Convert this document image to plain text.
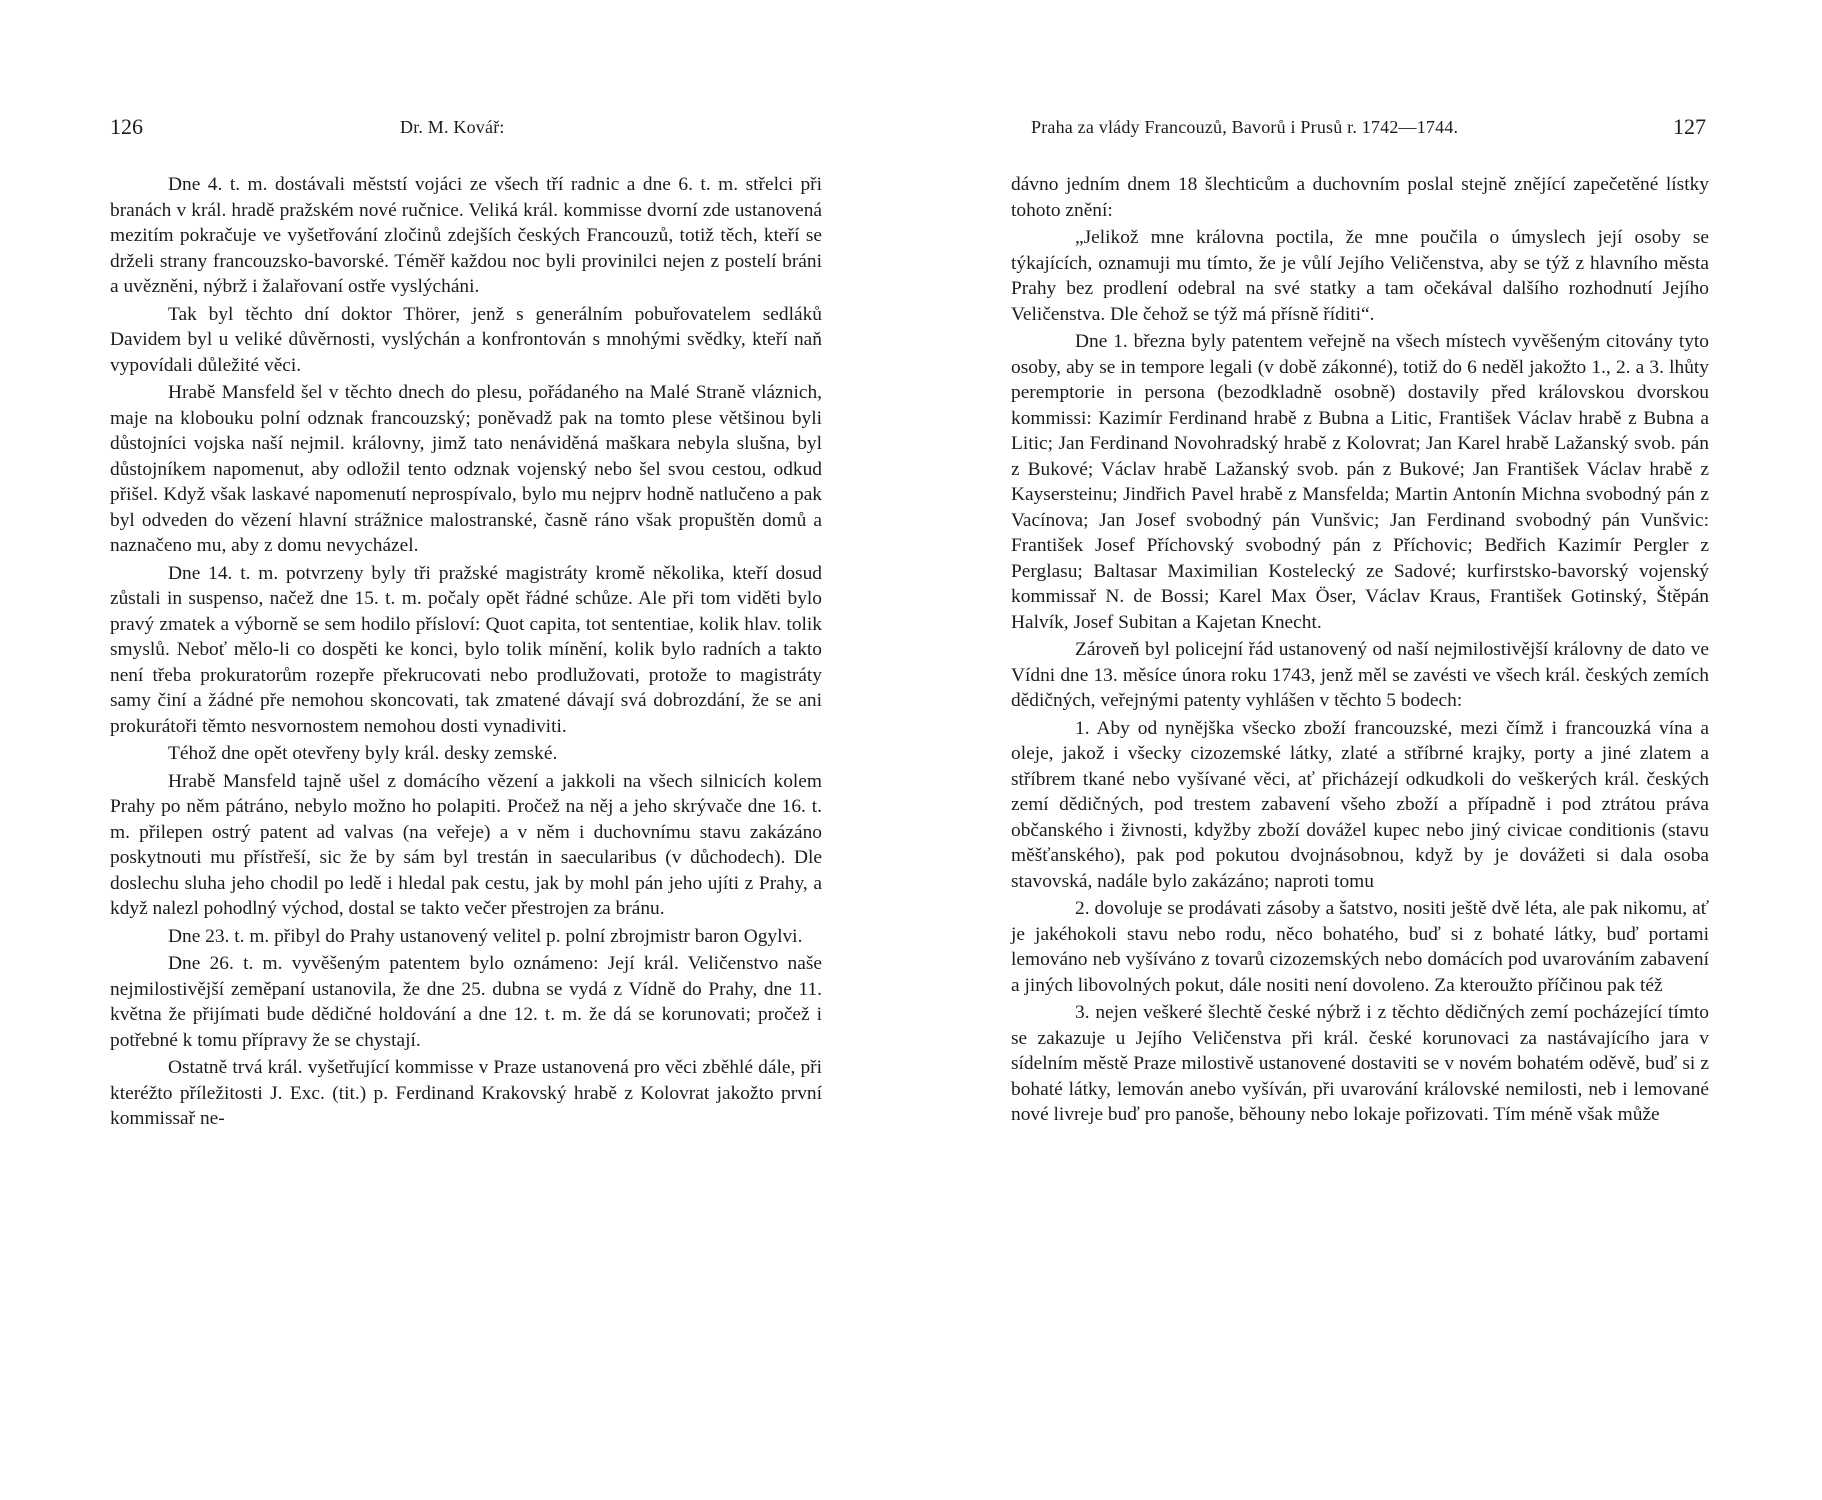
126	Dr. M. Kovář:

Dne 4. t. m. dostávali měststí vojáci ze všech tří radnic a dne 6. t. m. střelci při branách v král. hradě pražském nové ručnice. Veliká král. kommisse dvorní zde ustanovená mezitím pokračuje ve vyšetřování zločinů zdejších českých Francouzů, totiž těch, kteří se drželi strany francouzsko-bavorské. Téměř každou noc byli provinilci nejen z postelí bráni a uvězněni, nýbrž i žalařovaní ostře vyslýcháni.

Tak byl těchto dní doktor Thörer, jenž s generálním pobuřovatelem sedláků Davidem byl u veliké důvěrnosti, vyslýchán a konfrontován s mnohými svědky, kteří naň vypovídali důležité věci.

Hrabě Mansfeld šel v těchto dnech do plesu, pořádaného na Malé Straně vláznich, maje na klobouku polní odznak francouzský; poněvadž pak na tomto plese většinou byli důstojníci vojska naší nejmil. královny, jimž tato nenáviděná maškara nebyla slušna, byl důstojníkem napomenut, aby odložil tento odznak vojenský nebo šel svou cestou, odkud přišel. Když však laskavé napomenutí neprospívalo, bylo mu nejprv hodně natlučeno a pak byl odveden do vězení hlavní strážnice malostranské, časně ráno však propuštěn domů a naznačeno mu, aby z domu nevycházel.

Dne 14. t. m. potvrzeny byly tři pražské magistráty kromě několika, kteří dosud zůstali in suspenso, načež dne 15. t. m. počaly opět řádné schůze. Ale při tom viděti bylo pravý zmatek a výborně se sem hodilo přísloví: Quot capita, tot sententiae, kolik hlav. tolik smyslů. Neboť mělo-li co dospěti ke konci, bylo tolik mínění, kolik bylo radních a takto není třeba prokuratorům rozepře překrucovati nebo prodlužovati, protože to magistráty samy činí a žádné pře nemohou skoncovati, tak zmatené dávají svá dobrozdání, že se ani prokurátoři těmto nesvornostem nemohou dosti vynadiviti.

Téhož dne opět otevřeny byly král. desky zemské.

Hrabě Mansfeld tajně ušel z domácího vězení a jakkoli na všech silnicích kolem Prahy po něm pátráno, nebylo možno ho polapiti. Pročež na něj a jeho skrývače dne 16. t. m. přilepen ostrý patent ad valvas (na veřeje) a v něm i duchovnímu stavu zakázáno poskytnouti mu přístřeší, sic že by sám byl trestán in saecularibus (v důchodech). Dle doslechu sluha jeho chodil po ledě i hledal pak cestu, jak by mohl pán jeho ujíti z Prahy, a když nalezl pohodlný východ, dostal se takto večer přestrojen za bránu.

Dne 23. t. m. přibyl do Prahy ustanovený velitel p. polní zbrojmistr baron Ogylvi.

Dne 26. t. m. vyvěšeným patentem bylo oznámeno: Její král. Veličenstvo naše nejmilostivější zeměpaní ustanovila, že dne 25. dubna se vydá z Vídně do Prahy, dne 11. května že přijímati bude dědičné holdování a dne 12. t. m. že dá se korunovati; pročež i potřebné k tomu přípravy že se chystají.

Ostatně trvá král. vyšetřující kommisse v Praze ustanovená pro věci zběhlé dále, při kteréžto příležitosti J. Exc. (tit.) p. Ferdinand Krakovský hrabě z Kolovrat jakožto první kommissař ne-

Praha za vlády Francouzů, Bavorů i Prusů r. 1742—1744.	127

dávno jedním dnem 18 šlechticům a duchovním poslal stejně znějící zapečetěné lístky tohoto znění:

„Jelikož mne královna poctila, že mne poučila o úmyslech její osoby se týkajících, oznamuji mu tímto, že je vůlí Jejího Veličenstva, aby se týž z hlavního města Prahy bez prodlení odebral na své statky a tam očekával dalšího rozhodnutí Jejího Veličenstva. Dle čehož se týž má přísně říditi“.

Dne 1. března byly patentem veřejně na všech místech vyvěšeným citovány tyto osoby, aby se in tempore legali (v době zákonné), totiž do 6 neděl jakožto 1., 2. a 3. lhůty peremptorie in persona (bezodkladně osobně) dostavily před královskou dvorskou kommissi: Kazimír Ferdinand hrabě z Bubna a Litic, František Václav hrabě z Bubna a Litic; Jan Ferdinand Novohradský hrabě z Kolovrat; Jan Karel hrabě Lažanský svob. pán z Bukové; Václav hrabě Lažanský svob. pán z Bukové; Jan František Václav hrabě z Kaysersteinu; Jindřich Pavel hrabě z Mansfelda; Martin Antonín Michna svobodný pán z Vacínova; Jan Josef svobodný pán Vunšvic; Jan Ferdinand svobodný pán Vunšvic: František Josef Příchovský svobodný pán z Příchovic; Bedřich Kazimír Pergler z Perglasu; Baltasar Maximilian Kostelecký ze Sadové; kurfirstsko-bavorský vojenský kommissař N. de Bossi; Karel Max Öser, Václav Kraus, František Gotinský, Štěpán Halvík, Josef Subitan a Kajetan Knecht.

Zároveň byl policejní řád ustanovený od naší nejmilostivější královny de dato ve Vídni dne 13. měsíce února roku 1743, jenž měl se zavésti ve všech král. českých zemích dědičných, veřejnými patenty vyhlášen v těchto 5 bodech:

1. Aby od nynějška všecko zboží francouzské, mezi čímž i francouzká vína a oleje, jakož i všecky cizozemské látky, zlaté a stříbrné krajky, porty a jiné zlatem a stříbrem tkané nebo vyšívané věci, ať přicházejí odkudkoli do veškerých král. českých zemí dědičných, pod trestem zabavení všeho zboží a případně i pod ztrátou práva občanského i živnosti, kdyžby zboží dovážel kupec nebo jiný civicae conditionis (stavu měšťanského), pak pod pokutou dvojnásobnou, když by je dovážeti si dala osoba stavovská, nadále bylo zakázáno; naproti tomu

2. dovoluje se prodávati zásoby a šatstvo, nositi ještě dvě léta, ale pak nikomu, ať je jakéhokoli stavu nebo rodu, něco bohatého, buď si z bohaté látky, buď portami lemováno neb vyšíváno z tovarů cizozemských nebo domácích pod uvarováním zabavení a jiných libovolných pokut, dále nositi není dovoleno. Za kteroužto příčinou pak též

3. nejen veškeré šlechtě české nýbrž i z těchto dědičných zemí pocházející tímto se zakazuje u Jejího Veličenstva při král. české korunovaci za nastávajícího jara v sídelním městě Praze milostivě ustanovené dostaviti se v novém bohatém oděvě, buď si z bohaté látky, lemován anebo vyšíván, při uvarování královské nemilosti, neb i lemované nové livreje buď pro panoše, běhouny nebo lokaje pořizovati. Tím méně však může
